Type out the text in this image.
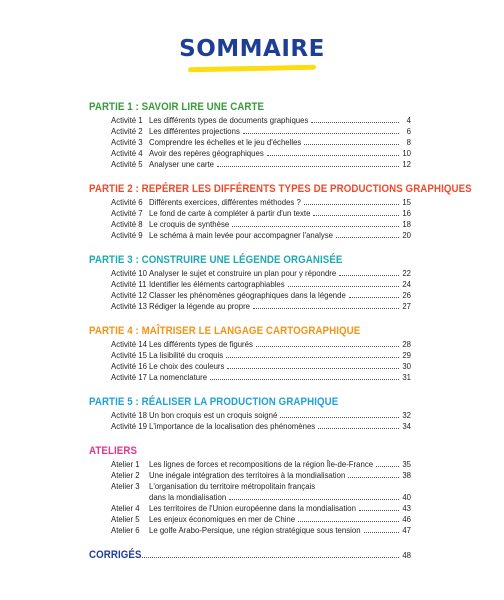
SOMMAIRE
PARTIE 1 : SAVOIR LIRE UNE CARTE
Activité 1 Les différents types de documents graphiques	4
Activité 2 Les différentes projections	6
Activité 3 Comprendre les échelles et le jeu d'échelles	8
Activité 4 Avoir des repères géographiques	10
Activité 5 Analyser une carte	12
PARTIE 2 : REPÉRER LES DIFFÉRENTS TYPES DE PRODUCTIONS GRAPHIQUES
Activité 6 Différents exercices, différentes méthodes ?	15
Activité 7 Le fond de carte à compléter à partir d'un texte	16
Activité 8 Le croquis de synthèse	18
Activité 9 Le schéma à main levée pour accompagner l'analyse	20
PARTIE 3 : CONSTRUIRE UNE LÉGENDE ORGANISÉE
Activité 10 Analyser le sujet et construire un plan pour y répondre	22
Activité 11 Identifier les éléments cartographiables	24
Activité 12 Classer les phénomènes géographiques dans la légende	26
Activité 13 Rédiger la légende au propre	27
PARTIE 4 : MAÎTRISER LE LANGAGE CARTOGRAPHIQUE
Activité 14 Les différents types de figurés	28
Activité 15 La lisibilité du croquis	29
Activité 16 Le choix des couleurs	30
Activité 17 La nomenclature	31
PARTIE 5 : RÉALISER LA PRODUCTION GRAPHIQUE
Activité 18 Un bon croquis est un croquis soigné	32
Activité 19 L'importance de la localisation des phénomènes	34
ATELIERS
Atelier 1	Les lignes de forces et recompositions de la région Île-de-France	35
Atelier 2	Une inégale intégration des territoires à la mondialisation	38
Atelier 3	L'organisation du territoire métropolitain français
dans la mondialisation	40
Atelier 4	Les territoires de l'Union européenne dans la mondialisation	43
Atelier 5	Les enjeux économiques en mer de Chine	46
Atelier 6	Le golfe Arabo-Persique, une région stratégique sous tension	47
CORRIGÉS	48
